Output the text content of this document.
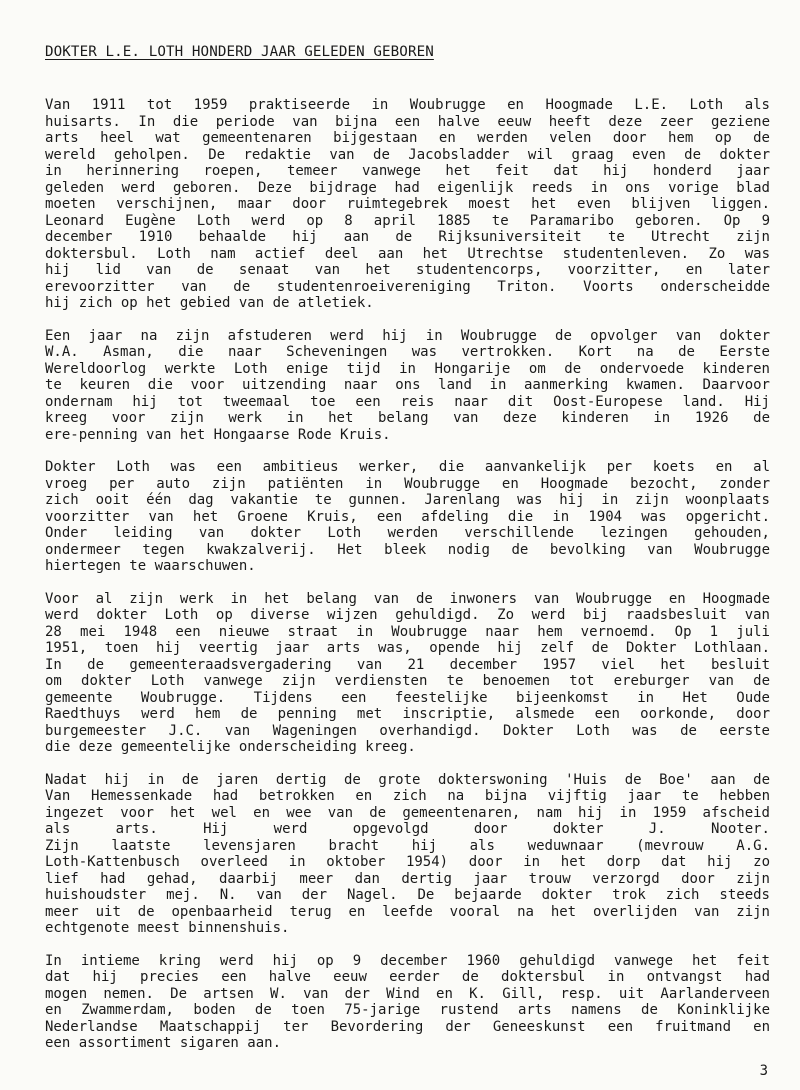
DOKTER L.E. LOTH HONDERD JAAR GELEDEN GEBOREN
Van 1911 tot 1959 praktiseerde in Woubrugge en Hoogmade L.E. Loth als
huisarts. In die periode van bijna een halve eeuw heeft deze zeer geziene
arts heel wat gemeentenaren bijgestaan en werden velen door hem op de
wereld geholpen. De redaktie van de Jacobsladder wil graag even de dokter
in herinnering roepen, temeer vanwege het feit dat hij honderd jaar
geleden werd geboren. Deze bijdrage had eigenlijk reeds in ons vorige blad
moeten verschijnen, maar door ruimtegebrek moest het even blijven liggen.
Leonard Eugène Loth werd op 8 april 1885 te Paramaribo geboren. Op 9
december 1910 behaalde hij aan de Rijksuniversiteit te Utrecht zijn
doktersbul. Loth nam actief deel aan het Utrechtse studentenleven. Zo was
hij lid van de senaat van het studentencorps, voorzitter, en later
erevoorzitter van de studentenroeivereniging Triton. Voorts onderscheidde
hij zich op het gebied van de atletiek.
Een jaar na zijn afstuderen werd hij in Woubrugge de opvolger van dokter
W.A. Asman, die naar Scheveningen was vertrokken. Kort na de Eerste
Wereldoorlog werkte Loth enige tijd in Hongarije om de ondervoede kinderen
te keuren die voor uitzending naar ons land in aanmerking kwamen. Daarvoor
ondernam hij tot tweemaal toe een reis naar dit Oost-Europese land. Hij
kreeg voor zijn werk in het belang van deze kinderen in 1926 de
ere-penning van het Hongaarse Rode Kruis.
Dokter Loth was een ambitieus werker, die aanvankelijk per koets en al
vroeg per auto zijn patiënten in Woubrugge en Hoogmade bezocht, zonder
zich ooit één dag vakantie te gunnen. Jarenlang was hij in zijn woonplaats
voorzitter van het Groene Kruis, een afdeling die in 1904 was opgericht.
Onder leiding van dokter Loth werden verschillende lezingen gehouden,
ondermeer tegen kwakzalverij. Het bleek nodig de bevolking van Woubrugge
hiertegen te waarschuwen.
Voor al zijn werk in het belang van de inwoners van Woubrugge en Hoogmade
werd dokter Loth op diverse wijzen gehuldigd. Zo werd bij raadsbesluit van
28 mei 1948 een nieuwe straat in Woubrugge naar hem vernoemd. Op 1 juli
1951, toen hij veertig jaar arts was, opende hij zelf de Dokter Lothlaan.
In de gemeenteraadsvergadering van 21 december 1957 viel het besluit
om dokter Loth vanwege zijn verdiensten te benoemen tot ereburger van de
gemeente Woubrugge. Tijdens een feestelijke bijeenkomst in Het Oude
Raedthuys werd hem de penning met inscriptie, alsmede een oorkonde, door
burgemeester J.C. van Wageningen overhandigd. Dokter Loth was de eerste
die deze gemeentelijke onderscheiding kreeg.
Nadat hij in de jaren dertig de grote dokterswoning 'Huis de Boe' aan de
Van Hemessenkade had betrokken en zich na bijna vijftig jaar te hebben
ingezet voor het wel en wee van de gemeentenaren, nam hij in 1959 afscheid
als arts. Hij werd opgevolgd door dokter J. Nooter.
Zijn laatste levensjaren bracht hij als weduwnaar (mevrouw A.G.
Loth-Kattenbusch overleed in oktober 1954) door in het dorp dat hij zo
lief had gehad, daarbij meer dan dertig jaar trouw verzorgd door zijn
huishoudster mej. N. van der Nagel. De bejaarde dokter trok zich steeds
meer uit de openbaarheid terug en leefde vooral na het overlijden van zijn
echtgenote meest binnenshuis.
In intieme kring werd hij op 9 december 1960 gehuldigd vanwege het feit
dat hij precies een halve eeuw eerder de doktersbul in ontvangst had
mogen nemen. De artsen W. van der Wind en K. Gill, resp. uit Aarlanderveen
en Zwammerdam, boden de toen 75-jarige rustend arts namens de Koninklijke
Nederlandse Maatschappij ter Bevordering der Geneeskunst een fruitmand en
een assortiment sigaren aan.
3
